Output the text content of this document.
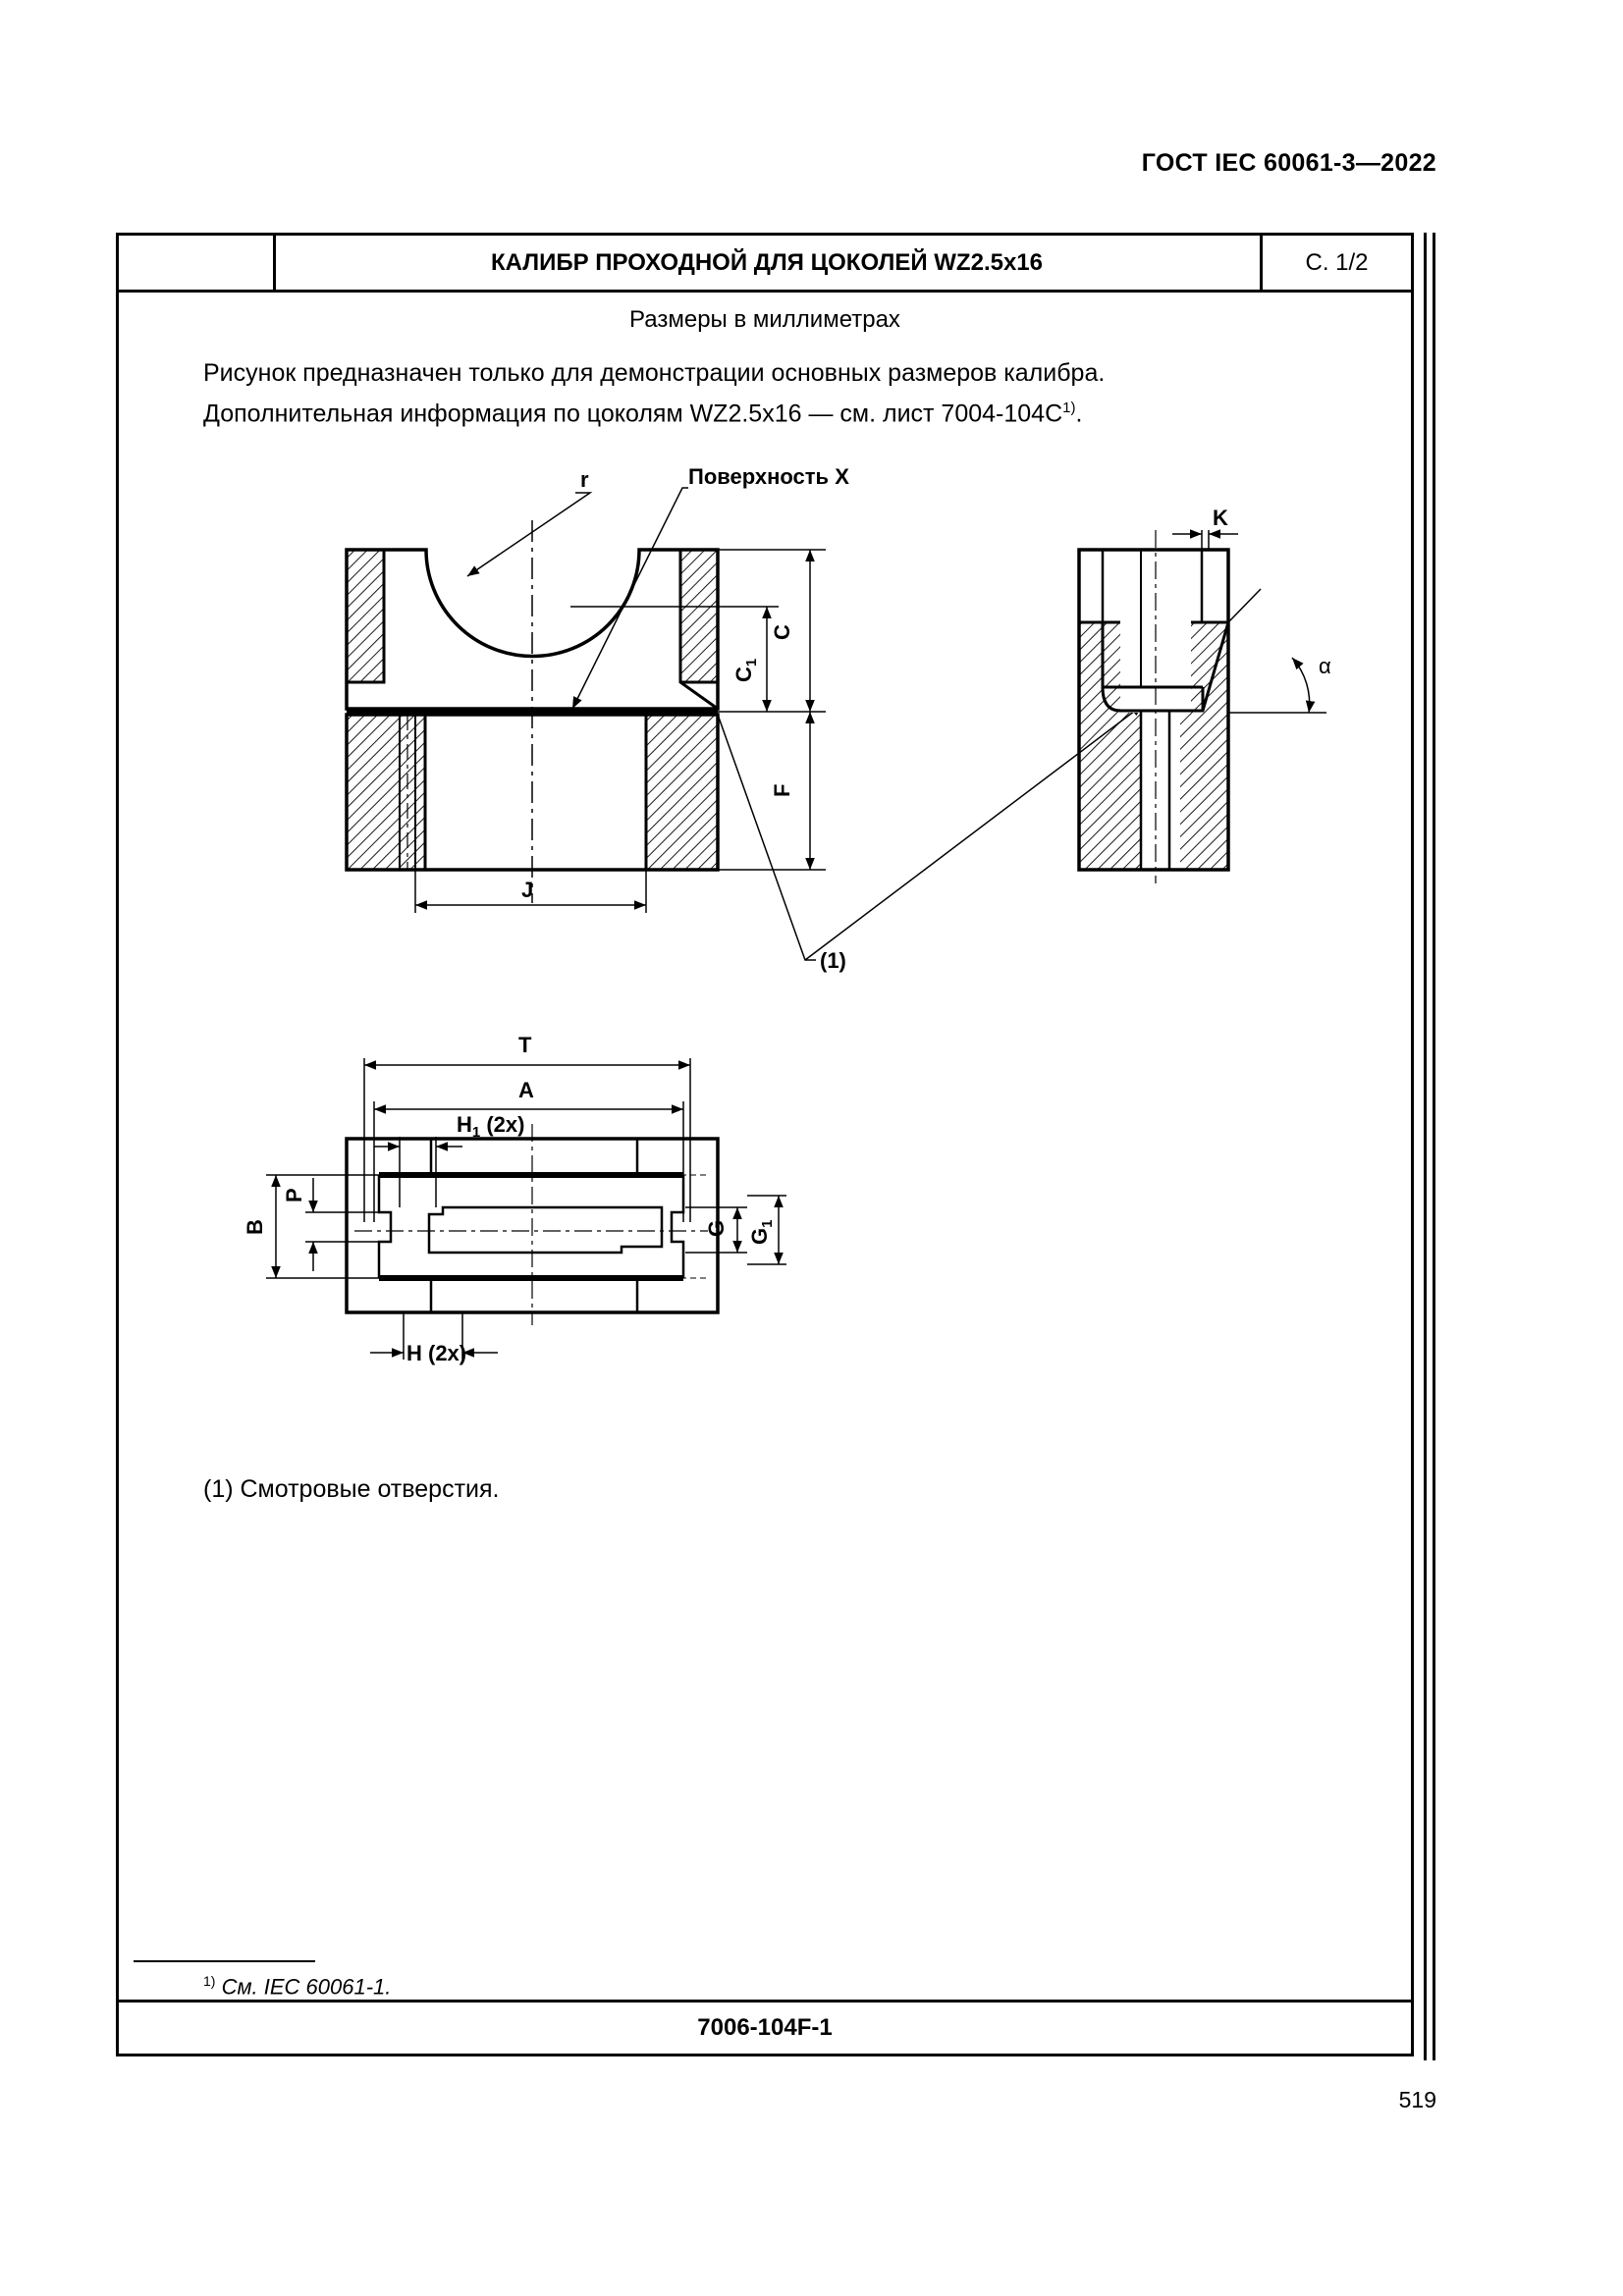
ГОСТ IEC 60061-3—2022
КАЛИБР ПРОХОДНОЙ ДЛЯ ЦОКОЛЕЙ WZ2.5x16	С. 1/2
Размеры в миллиметрах
Рисунок предназначен только для демонстрации основных размеров калибра.
Дополнительная информация по цоколям WZ2.5x16 — см. лист $7004-104С^{1)}$.
r	Поверхность X
K
C
$C_1$
F
J
α
(1)
T
A
$H_1$ (2x)
H (2x)
B
P
G $G_1$
(1) Смотровые отверстия.
$^{1)}$ См. IEC 60061-1.
7006-104F-1
519
